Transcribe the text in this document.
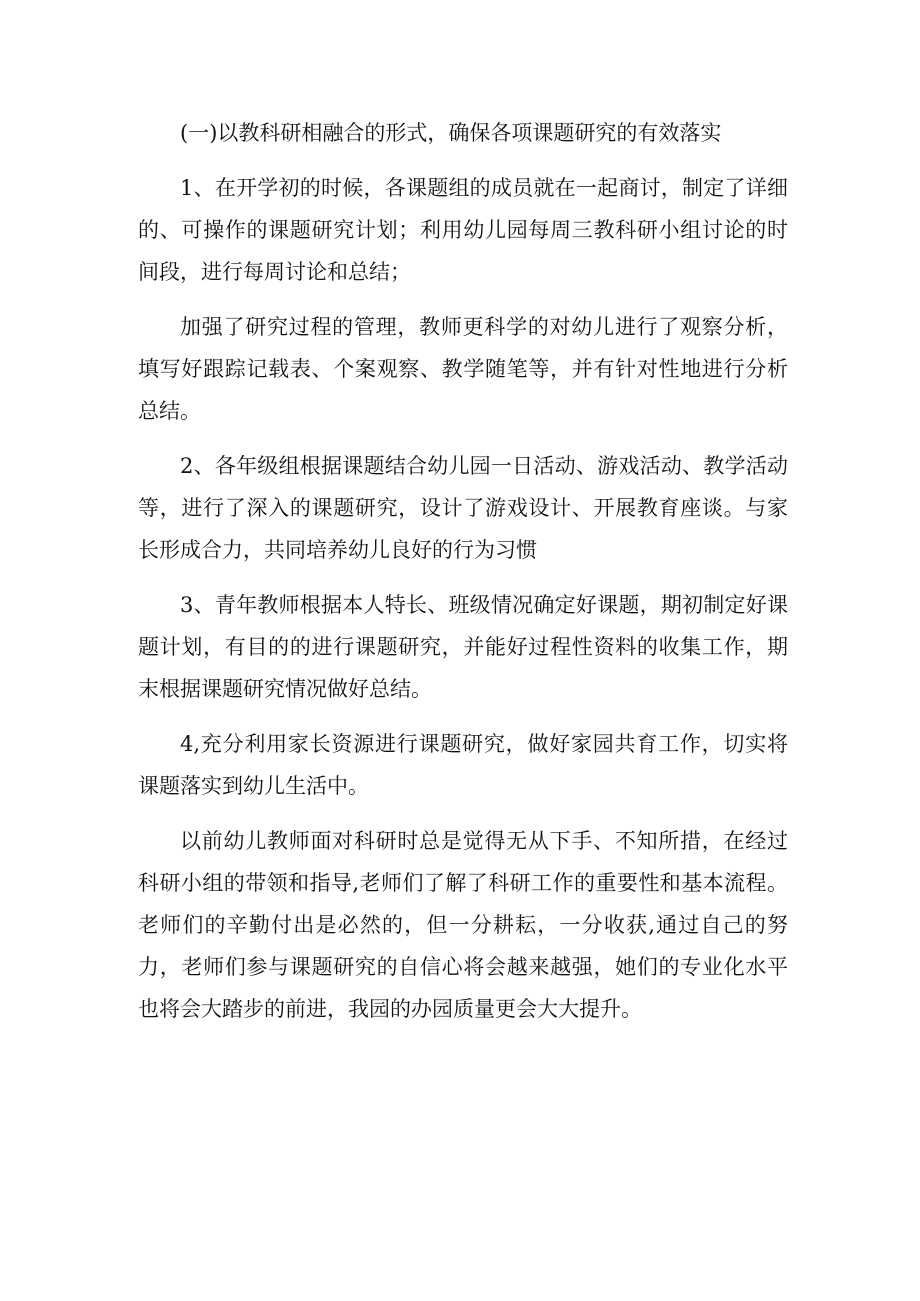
(一)以教科研相融合的形式，确保各项课题研究的有效落实

1、在开学初的时候，各课题组的成员就在一起商讨，制定了详细的、可操作的课题研究计划；利用幼儿园每周三教科研小组讨论的时间段，进行每周讨论和总结；

加强了研究过程的管理，教师更科学的对幼儿进行了观察分析，填写好跟踪记载表、个案观察、教学随笔等，并有针对性地进行分析总结。

2、各年级组根据课题结合幼儿园一日活动、游戏活动、教学活动等，进行了深入的课题研究，设计了游戏设计、开展教育座谈。与家长形成合力，共同培养幼儿良好的行为习惯

3、青年教师根据本人特长、班级情况确定好课题，期初制定好课题计划，有目的的进行课题研究，并能好过程性资料的收集工作，期末根据课题研究情况做好总结。

4,充分利用家长资源进行课题研究，做好家园共育工作，切实将课题落实到幼儿生活中。

以前幼儿教师面对科研时总是觉得无从下手、不知所措，在经过科研小组的带领和指导,老师们了解了科研工作的重要性和基本流程。老师们的辛勤付出是必然的，但一分耕耘，一分收获,通过自己的努力，老师们参与课题研究的自信心将会越来越强，她们的专业化水平也将会大踏步的前进，我园的办园质量更会大大提升。
